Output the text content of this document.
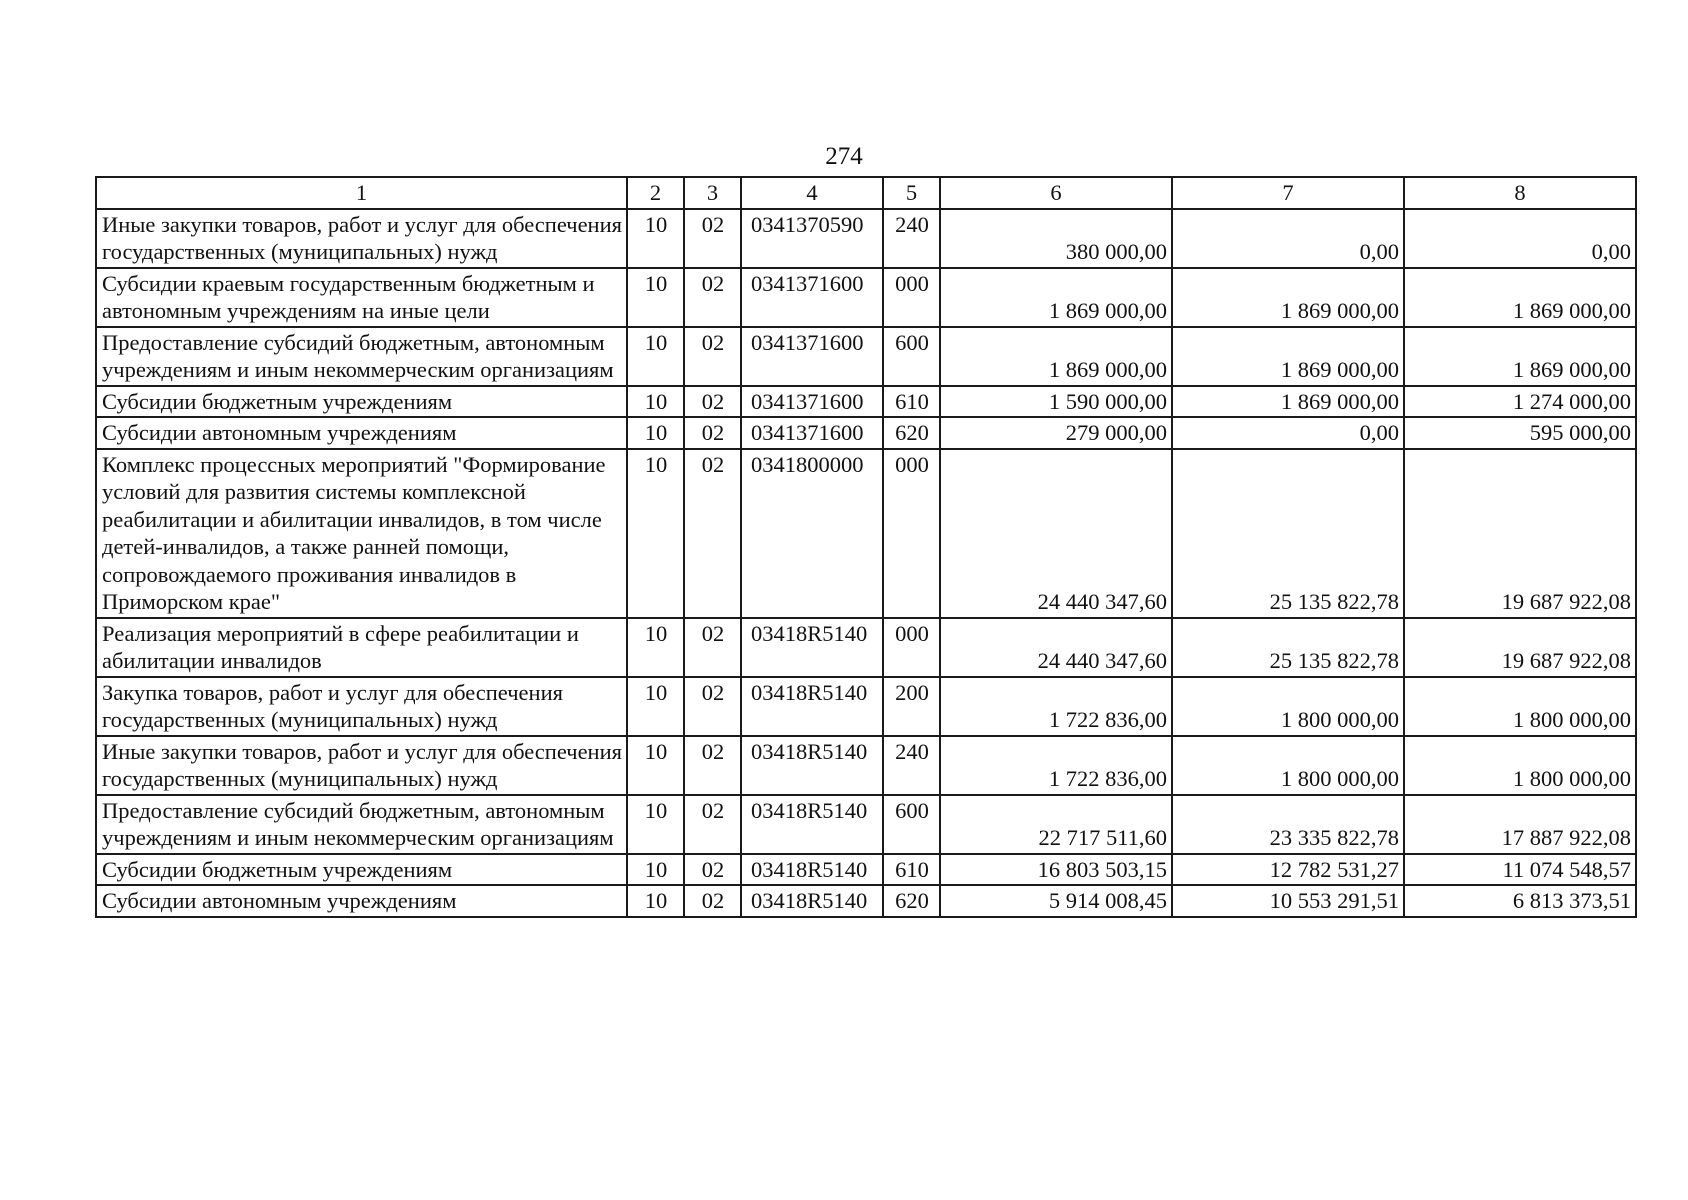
274
1	2	3	4	5	6	7	8
Иные закупки товаров, работ и услуг для обеспечения государственных (муниципальных) нужд	10	02	0341370590	240	380 000,00	0,00	0,00
Субсидии краевым государственным бюджетным и автономным учреждениям на иные цели	10	02	0341371600	000	1 869 000,00	1 869 000,00	1 869 000,00
Предоставление субсидий бюджетным, автономным учреждениям и иным некоммерческим организациям	10	02	0341371600	600	1 869 000,00	1 869 000,00	1 869 000,00
Субсидии бюджетным учреждениям	10	02	0341371600	610	1 590 000,00	1 869 000,00	1 274 000,00
Субсидии автономным учреждениям	10	02	0341371600	620	279 000,00	0,00	595 000,00
Комплекс процессных мероприятий "Формирование условий для развития системы комплексной реабилитации и абилитации инвалидов, в том числе детей-инвалидов, а также ранней помощи, сопровождаемого проживания инвалидов в Приморском крае"	10	02	0341800000	000	24 440 347,60	25 135 822,78	19 687 922,08
Реализация мероприятий в сфере реабилитации и абилитации инвалидов	10	02	03418R5140	000	24 440 347,60	25 135 822,78	19 687 922,08
Закупка товаров, работ и услуг для обеспечения государственных (муниципальных) нужд	10	02	03418R5140	200	1 722 836,00	1 800 000,00	1 800 000,00
Иные закупки товаров, работ и услуг для обеспечения государственных (муниципальных) нужд	10	02	03418R5140	240	1 722 836,00	1 800 000,00	1 800 000,00
Предоставление субсидий бюджетным, автономным учреждениям и иным некоммерческим организациям	10	02	03418R5140	600	22 717 511,60	23 335 822,78	17 887 922,08
Субсидии бюджетным учреждениям	10	02	03418R5140	610	16 803 503,15	12 782 531,27	11 074 548,57
Субсидии автономным учреждениям	10	02	03418R5140	620	5 914 008,45	10 553 291,51	6 813 373,51
